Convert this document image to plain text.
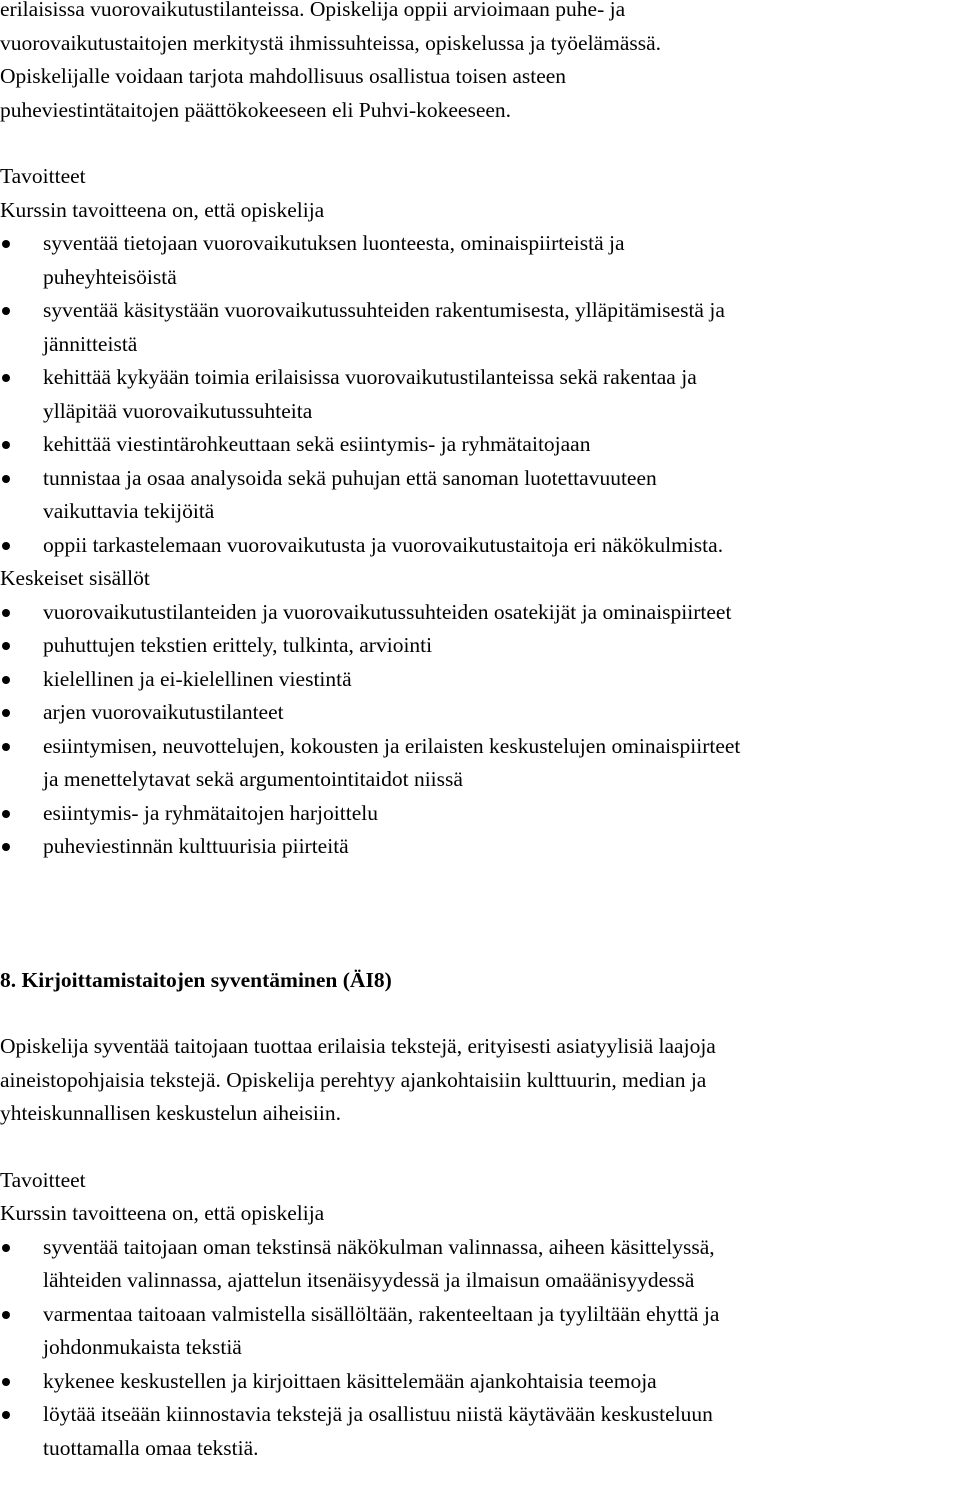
erilaisissa vuorovaikutustilanteissa. Opiskelija oppii arvioimaan puhe- ja
vuorovaikutustaitojen merkitystä ihmissuhteissa, opiskelussa ja työelämässä.
Opiskelijalle voidaan tarjota mahdollisuus osallistua toisen asteen
puheviestintätaitojen päättökokeeseen eli Puhvi-kokeeseen.

Tavoitteet

Kurssin tavoitteena on, että opiskelija

syventää tietojaan vuorovaikutuksen luonteesta, ominaispiirteistä ja
puheyhteisöistä
syventää käsitystään vuorovaikutussuhteiden rakentumisesta, ylläpitämisestä ja
jännitteistä
kehittää kykyään toimia erilaisissa vuorovaikutustilanteissa sekä rakentaa ja
ylläpitää vuorovaikutussuhteita
kehittää viestintärohkeuttaan sekä esiintymis- ja ryhmätaitojaan
tunnistaa ja osaa analysoida sekä puhujan että sanoman luotettavuuteen
vaikuttavia tekijöitä
oppii tarkastelemaan vuorovaikutusta ja vuorovaikutustaitoja eri näkökulmista.

Keskeiset sisällöt

vuorovaikutustilanteiden ja vuorovaikutussuhteiden osatekijät ja ominaispiirteet
puhuttujen tekstien erittely, tulkinta, arviointi
kielellinen ja ei-kielellinen viestintä
arjen vuorovaikutustilanteet
esiintymisen, neuvottelujen, kokousten ja erilaisten keskustelujen ominaispiirteet
ja menettelytavat sekä argumentointitaidot niissä
esiintymis- ja ryhmätaitojen harjoittelu
puheviestinnän kulttuurisia piirteitä

8. Kirjoittamistaitojen syventäminen (ÄI8)

Opiskelija syventää taitojaan tuottaa erilaisia tekstejä, erityisesti asiatyylisiä laajoja
aineistopohjaisia tekstejä. Opiskelija perehtyy ajankohtaisiin kulttuurin, median ja
yhteiskunnallisen keskustelun aiheisiin.

Tavoitteet

Kurssin tavoitteena on, että opiskelija

syventää taitojaan oman tekstinsä näkökulman valinnassa, aiheen käsittelyssä,
lähteiden valinnassa, ajattelun itsenäisyydessä ja ilmaisun omaäänisyydessä
varmentaa taitoaan valmistella sisällöltään, rakenteeltaan ja tyyliltään ehyttä ja
johdonmukaista tekstiä
kykenee keskustellen ja kirjoittaen käsittelemään ajankohtaisia teemoja
löytää itseään kiinnostavia tekstejä ja osallistuu niistä käytävään keskusteluun
tuottamalla omaa tekstiä.
